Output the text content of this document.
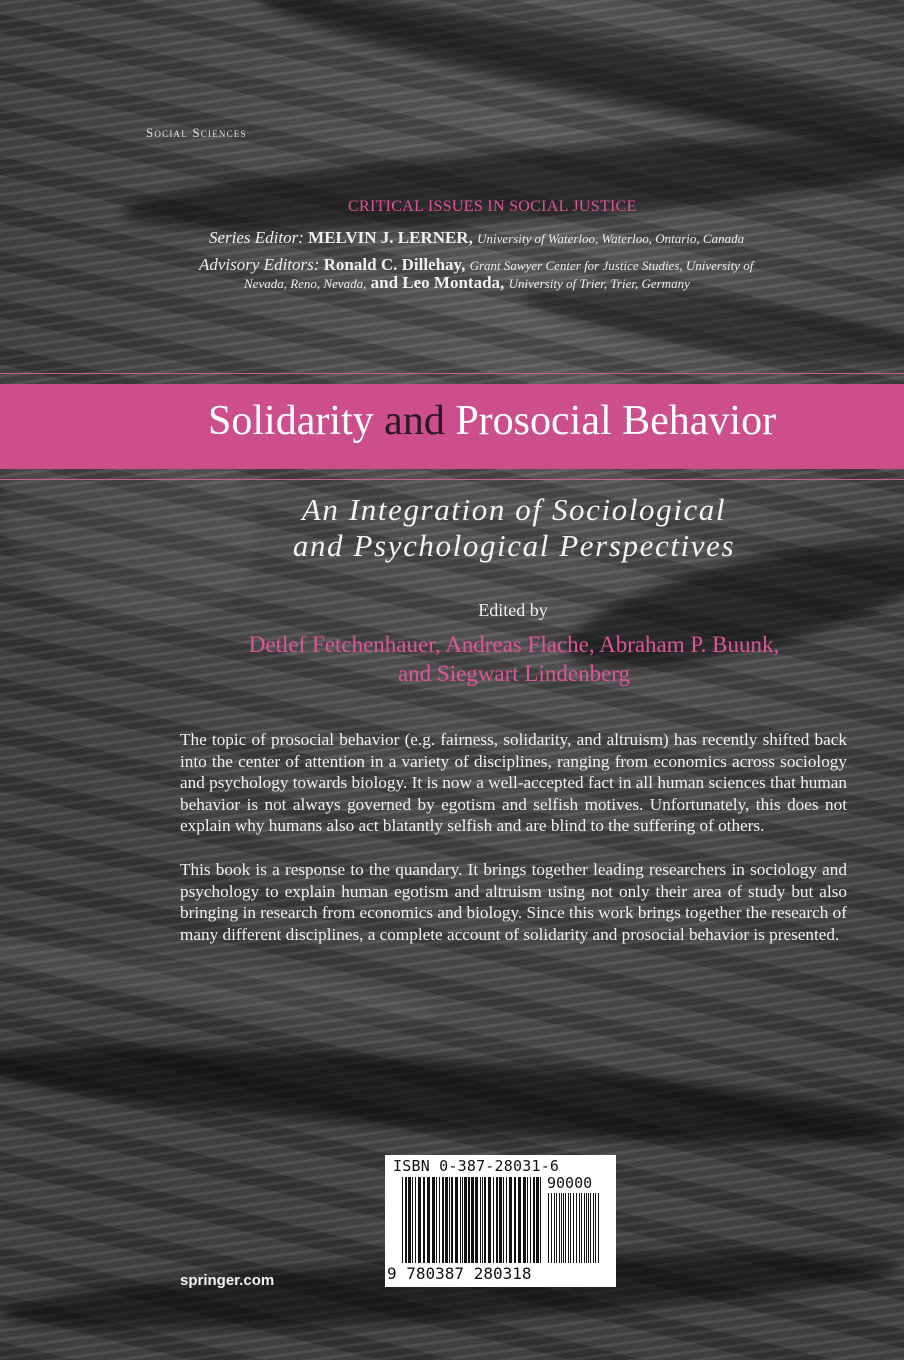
Social Sciences
CRITICAL ISSUES IN SOCIAL JUSTICE
Series Editor: MELVIN J. LERNER, University of Waterloo, Waterloo, Ontario, Canada
Advisory Editors: Ronald C. Dillehay, Grant Sawyer Center for Justice Studies, University of
Nevada, Reno, Nevada, and Leo Montada, University of Trier, Trier, Germany
Solidarity and Prosocial Behavior
An Integration of Sociological
and Psychological Perspectives
Edited by
Detlef Fetchenhauer, Andreas Flache, Abraham P. Buunk,
and Siegwart Lindenberg

The topic of prosocial behavior (e.g. fairness, solidarity, and altruism) has recently shifted back into the center of attention in a variety of disciplines, ranging from economics across sociology and psychology towards biology. It is now a well-accepted fact in all human sciences that human behavior is not always governed by egotism and selfish motives. Unfortunately, this does not explain why humans also act blatantly selfish and are blind to the suffering of others.

This book is a response to the quandary. It brings together leading researchers in sociology and psychology to explain human egotism and altruism using not only their area of study but also bringing in research from economics and biology. Since this work brings together the research of many different disciplines, a complete account of solidarity and prosocial behavior is presented.

springer.com
ISBN 0-387-28031-6
90000
9 780387 280318
